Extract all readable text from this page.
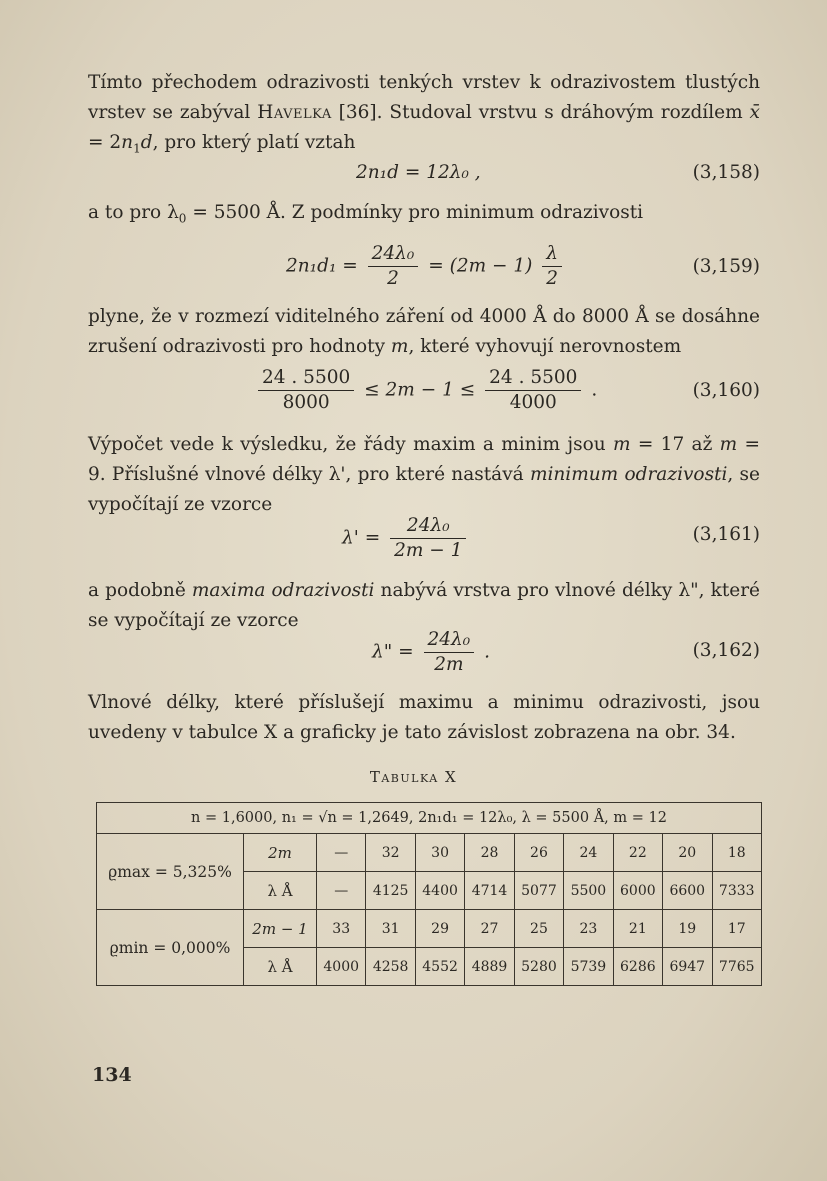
Tímto přechodem odrazivosti tenkých vrstev k odrazivostem tlustých vrstev se zabýval Havelka [36]. Studoval vrstvu s dráhovým rozdílem x̄ = $2n_1d$, pro který platí vztah
2n₁d = 12λ₀ ,	(3,158)
a to pro $\lambda_0 = 5500$ Å. Z podmínky pro minimum odrazivosti
$2n_1d_1 = \frac{\text{24λ₀}}{2} = (2m - 1) \frac{\lambda}{2}$	(3,159)
plyne, že v rozmezí viditelného záření od 4000 Å do 8000 Å se dosáhne zrušení odrazivosti pro hodnoty m, které vyhovují nerovnostem
$\frac{24 . 5500}{8000} \le 2m - 1 \le \frac{24 . 5500}{4000}$ .	(3,160)
Výpočet vede k výsledku, že řády maxim a minim jsou m = 17 až m = 9. Příslušné vlnové délky λ', pro které nastává minimum odrazivosti, se vypočítají ze vzorce
$\lambda' = \frac{\text{24λ₀}}{2m - 1}$	(3,161)
a podobně maxima odrazivosti nabývá vrstva pro vlnové délky λ", které se vypočítají ze vzorce
λ" = $\frac{\text{24λ₀}}{2m}$ .	(3,162)
Vlnové délky, které příslušejí maximu a minimu odrazivosti, jsou uvedeny v tabulce X a graficky je tato závislost zobrazena na obr. 34.
Tabulka X
n = 1,6000, n₁ = √n = 1,2649, 2n₁d₁ = 12λ₀, λ = 5500 Å, m = 12										
ϱmax = 5,325%	2m	—	32	30	28	26	24	22	20	18
	λ Å	—	4125	4400	4714	5077	5500	6000	6600	7333
ϱmin = 0,000%	2m − 1	33	31	29	27	25	23	21	19	17
	λ Å	4000	4258	4552	4889	5280	5739	6286	6947	7765
134
